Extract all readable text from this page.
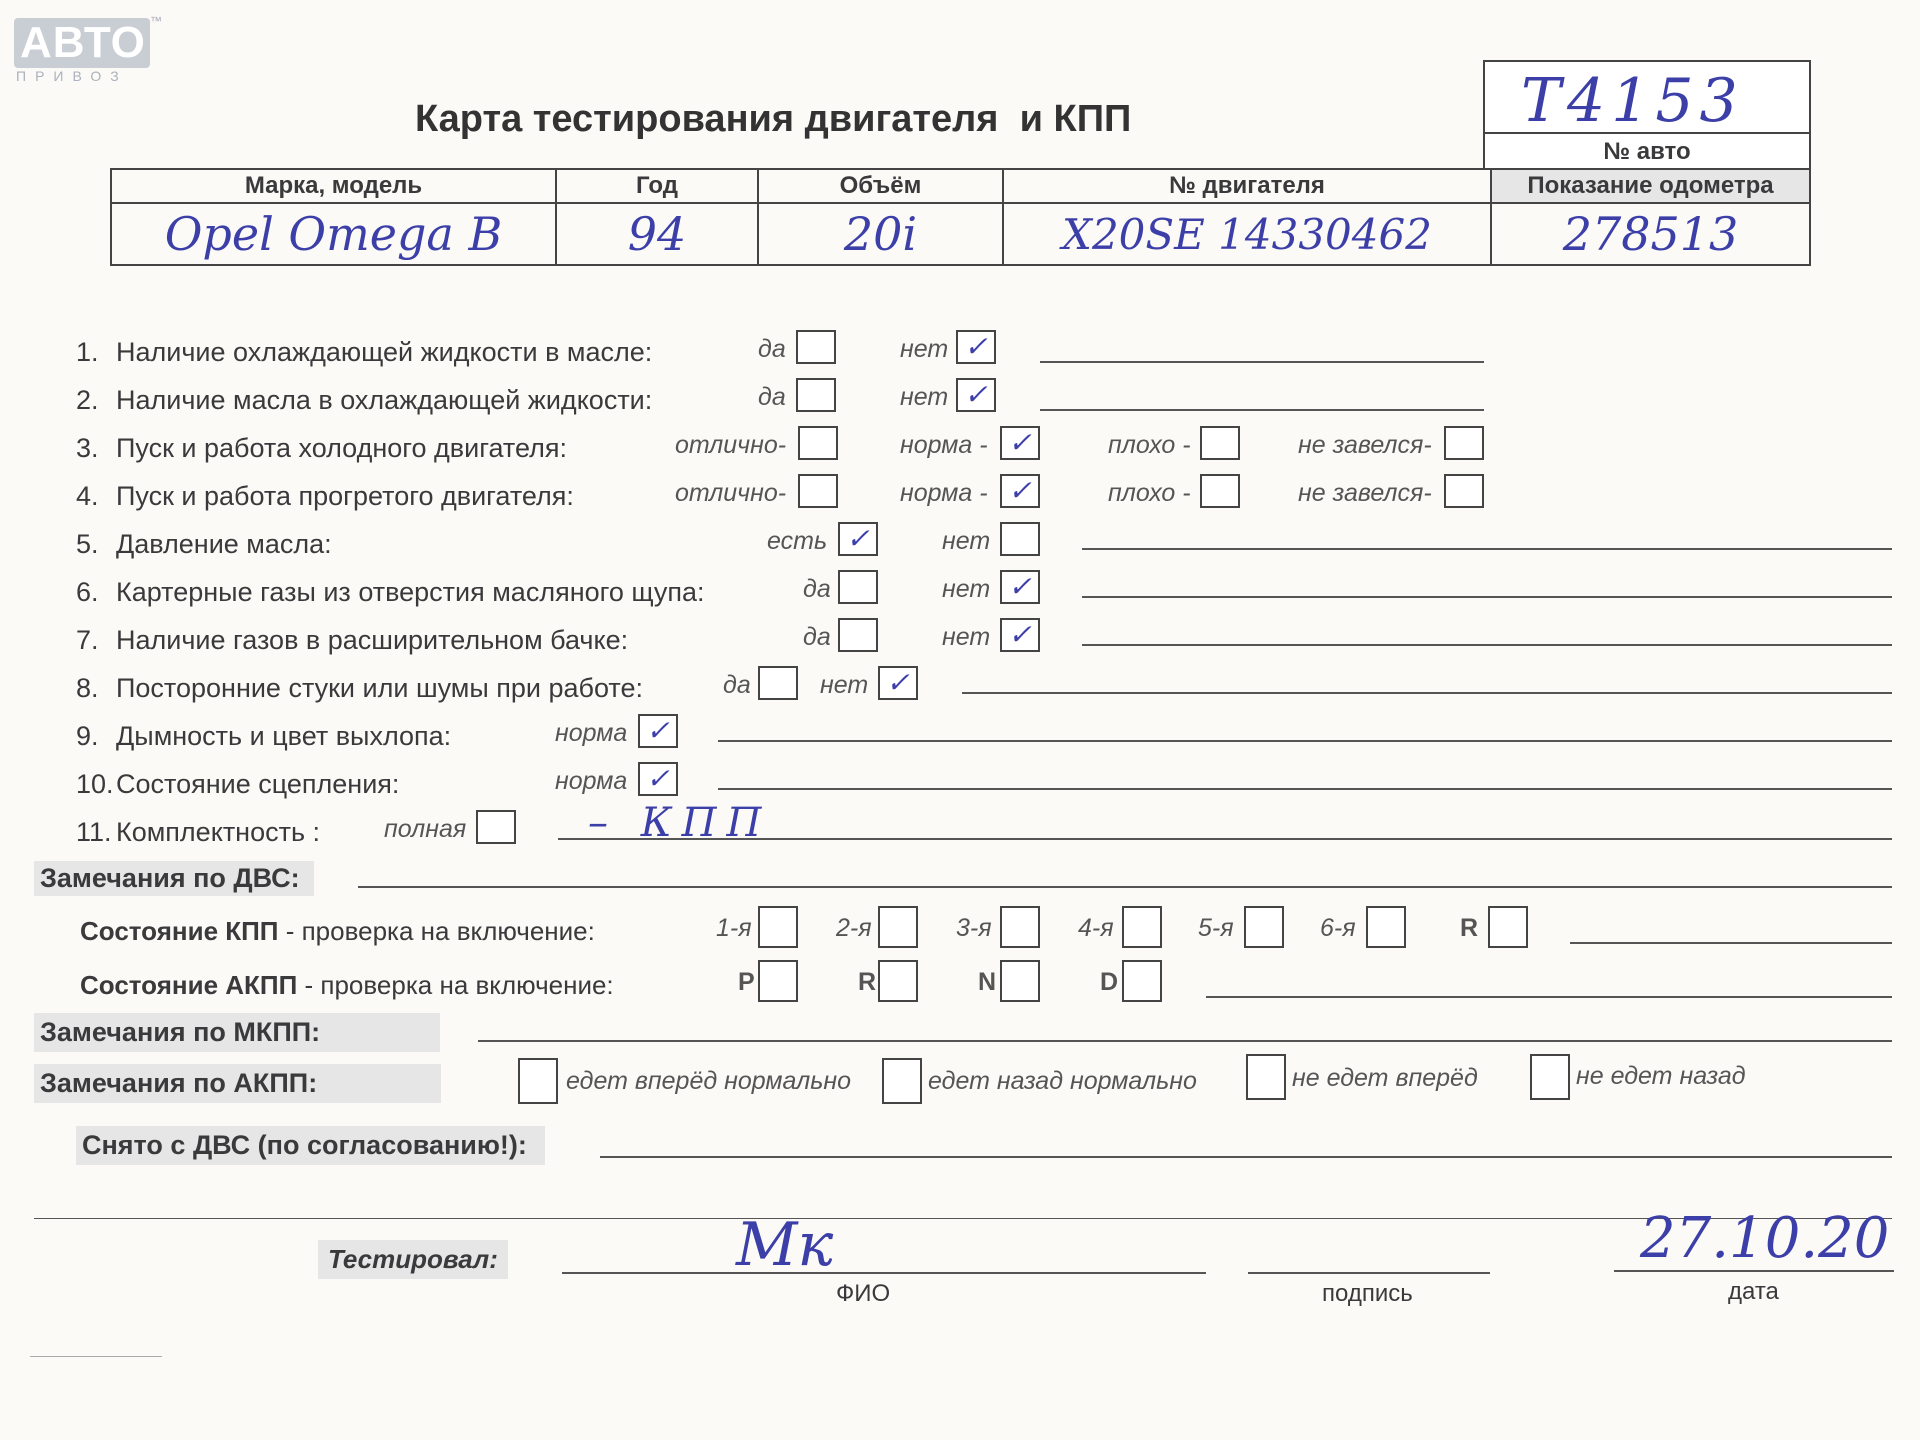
АВТО ™
ПРИВОЗ
Карта тестирования двигателя  и КПП	Т4153
№ авто
Марка, модель	Год	Объём	№ двигателя	Показание одометра
Opel Omega B	94	20i	X20SE 14330462	278513
1. Наличие охлаждающей жидкости в масле:	да	нет ✓
2. Наличие масла в охлаждающей жидкости:	да	нет ✓
3. Пуск и работа холодного двигателя:	отлично-	норма - ✓	плохо -	не завелся-
4. Пуск и работа прогретого двигателя:	отлично-	норма - ✓	плохо -	не завелся-
5. Давление масла:	есть ✓	нет
6. Картерные газы из отверстия масляного щупа:	да	нет ✓
7. Наличие газов в расширительном бачке:	да	нет ✓
8. Посторонние стуки или шумы при работе:	да	нет ✓
9. Дымность и цвет выхлопа:	норма ✓
10. Состояние сцепления:	норма ✓
11. Комплектность :	полная	– КПП
Замечания по ДВС:
Состояние КПП - проверка на включение:	1-я	2-я	3-я	4-я	5-я	6-я	R
Состояние АКПП - проверка на включение:	P	R	N	D
Замечания по МКПП:
Замечания по АКПП:	едет вперёд нормально	едет назад нормально	не едет вперёд	не едет назад
Снято с ДВС (по согласованию!):
Тестировал:	Мк
ФИО	подпись
27.10.20
дата
